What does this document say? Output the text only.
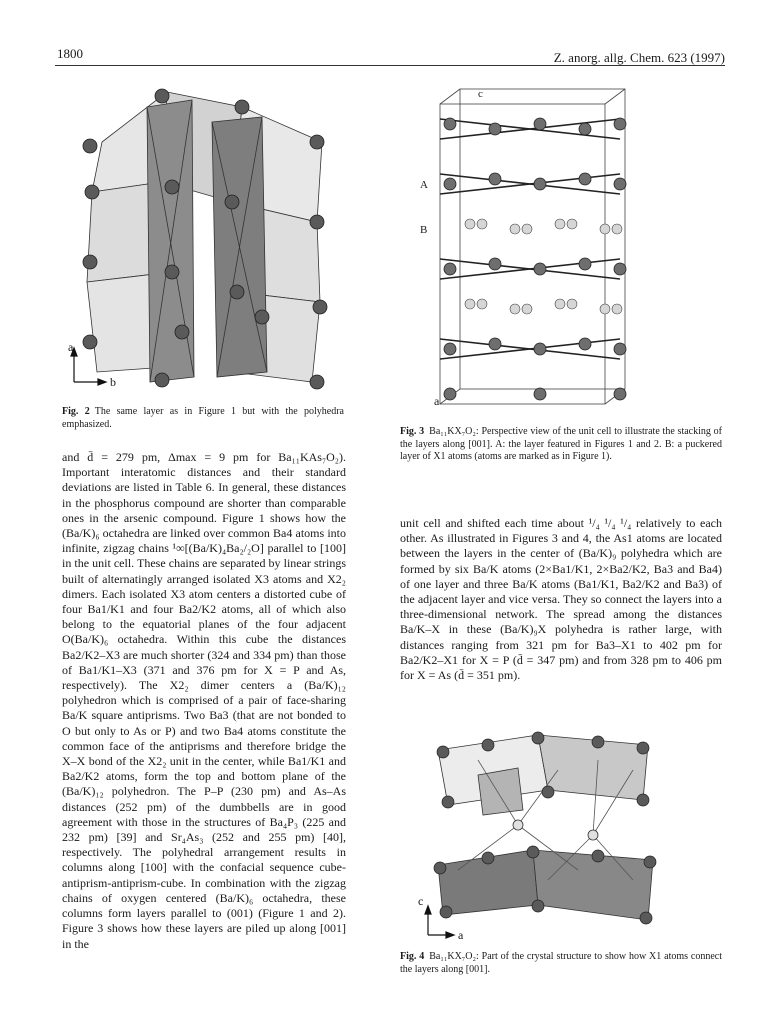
1800	Z. anorg. allg. Chem. 623 (1997)
a
b
Fig. 2 The same layer as in Figure 1 but with the polyhedra emphasized.
c
a
A
B
Fig. 3 Ba₁₁KX₇O₂: Perspective view of the unit cell to illustrate the stacking of the layers along [001]. A: the layer featured in Figures 1 and 2. B: a puckered layer of X1 atoms (atoms are marked as in Figure 1).

and d̄ = 279 pm, Δmax = 9 pm for Ba₁₁KAs₇O₂). Important interatomic distances and their standard deviations are listed in Table 6. In general, these distances in the phosphorus compound are shorter than comparable ones in the arsenic compound. Figure 1 shows how the (Ba/K)₆ octahedra are linked over common Ba4 atoms into infinite, zigzag chains ¹∞[(Ba/K)₄Ba₂/₂O] parallel to [100] in the unit cell. These chains are separated by linear strings built of alternatingly arranged isolated X3 atoms and X2₂ dimers. Each isolated X3 atom centers a distorted cube of four Ba1/K1 and four Ba2/K2 atoms, all of which also belong to the equatorial planes of the four adjacent O(Ba/K)₆ octahedra. Within this cube the distances Ba2/K2–X3 are much shorter (324 and 334 pm) than those of Ba1/K1–X3 (371 and 376 pm for X = P and As, respectively). The X2₂ dimer centers a (Ba/K)₁₂ polyhedron which is comprised of a pair of face-sharing Ba/K square antiprisms. Two Ba3 (that are not bonded to O but only to As or P) and two Ba4 atoms constitute the common face of the antiprisms and therefore bridge the X–X bond of the X2₂ unit in the center, while Ba1/K1 and Ba2/K2 atoms, form the top and bottom plane of the (Ba/K)₁₂ polyhedron. The P–P (230 pm) and As–As distances (252 pm) of the dumbbells are in good agreement with those in the structures of Ba₄P₃ (225 and 232 pm) [39] and Sr₄As₃ (252 and 255 pm) [40], respectively. The polyhedral arrangement results in columns along [100] with the confacial sequence cube-antiprism-antiprism-cube. In combination with the zigzag chains of oxygen centered (Ba/K)₆ octahedra, these columns form layers parallel to (001) (Figure 1 and 2). Figure 3 shows how these layers are piled up along [001] in the

unit cell and shifted each time about ¹/₄ ¹/₄ ¹/₄ relatively to each other. As illustrated in Figures 3 and 4, the As1 atoms are located between the layers in the center of (Ba/K)₉ polyhedra which are formed by six Ba/K atoms (2×Ba1/K1, 2×Ba2/K2, Ba3 and Ba4) of one layer and three Ba/K atoms (Ba1/K1, Ba2/K2 and Ba3) of the adjacent layer and vice versa. They so connect the layers into a three-dimensional network. The spread among the distances Ba/K–X in these (Ba/K)₉X polyhedra is rather large, with distances ranging from 321 pm for Ba3–X1 to 402 pm for Ba2/K2–X1 for X = P (d̄ = 347 pm) and from 328 pm to 406 pm for X = As (d̄ = 351 pm).

c
a
Fig. 4 Ba₁₁KX₇O₂: Part of the crystal structure to show how X1 atoms connect the layers along [001].
